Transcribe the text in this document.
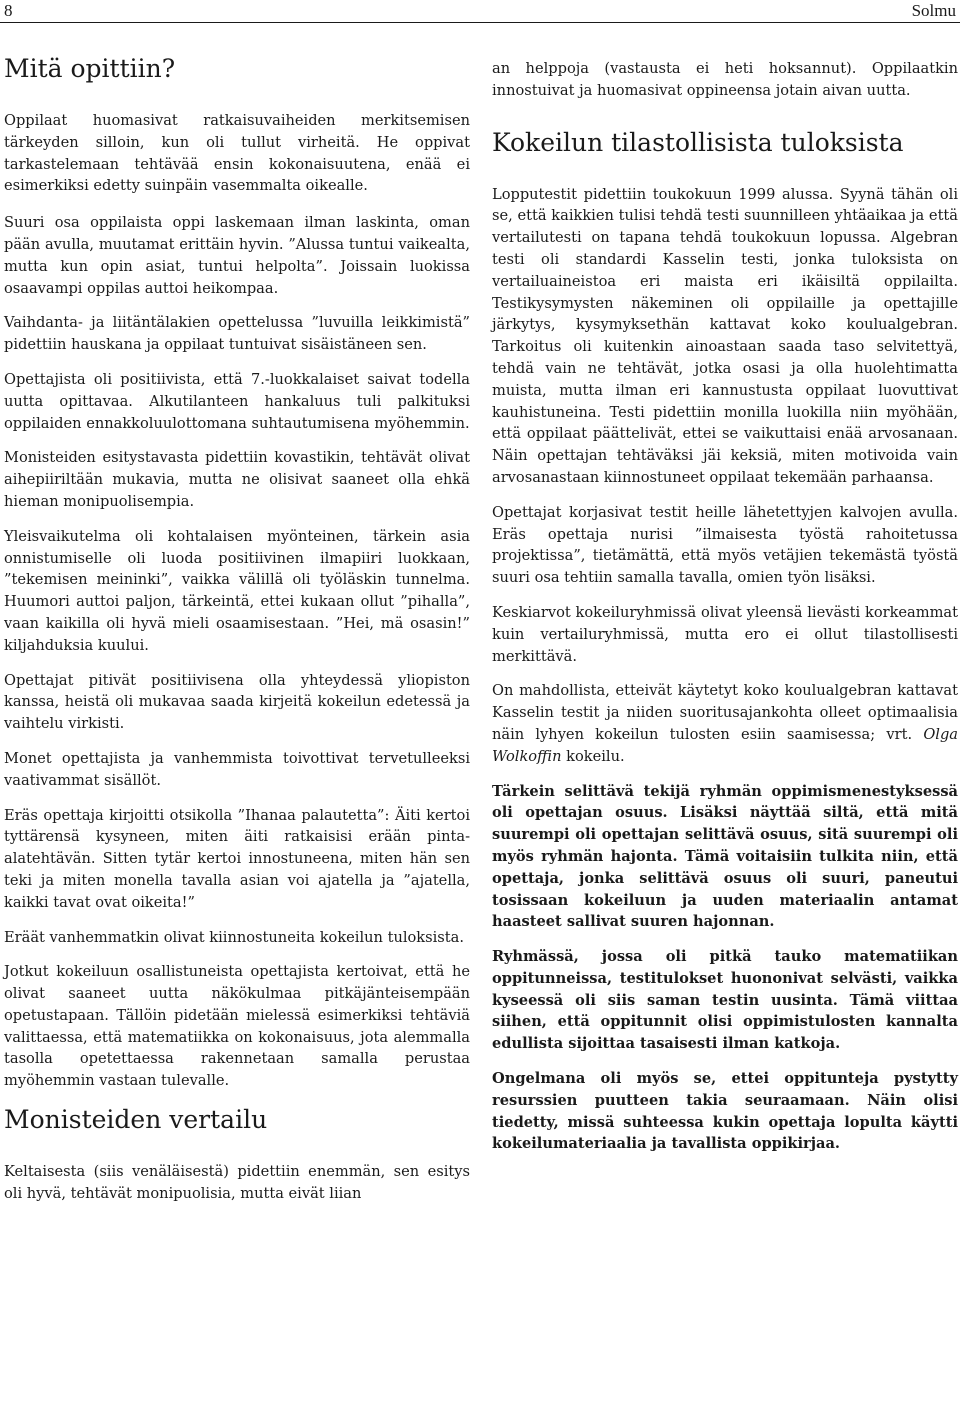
8	Solmu
Mitä opittiin?

Oppilaat huomasivat ratkaisuvaiheiden merkitsemisen tärkeyden silloin, kun oli tullut virheitä. He oppivat tarkastelemaan tehtävää ensin kokonaisuutena, enää ei esimerkiksi edetty suinpäin vasemmalta oikealle.

Suuri osa oppilaista oppi laskemaan ilman laskinta, oman pään avulla, muutamat erittäin hyvin. ”Alussa tuntui vaikealta, mutta kun opin asiat, tuntui helpolta”. Joissain luokissa osaavampi oppilas auttoi heikompaa.

Vaihdanta- ja liitäntälakien opettelussa ”luvuilla leikkimistä” pidettiin hauskana ja oppilaat tuntuivat sisäistäneen sen.

Opettajista oli positiivista, että 7.-luokkalaiset saivat todella uutta opittavaa. Alkutilanteen hankaluus tuli palkituksi oppilaiden ennakkoluulottomana suhtautumisena myöhemmin.

Monisteiden esitystavasta pidettiin kovastikin, tehtävät olivat aihepiiriltään mukavia, mutta ne olisivat saaneet olla ehkä hieman monipuolisempia.

Yleisvaikutelma oli kohtalaisen myönteinen, tärkein asia onnistumiselle oli luoda positiivinen ilmapiiri luokkaan, ”tekemisen meininki”, vaikka välillä oli työläskin tunnelma. Huumori auttoi paljon, tärkeintä, ettei kukaan ollut ”pihalla”, vaan kaikilla oli hyvä mieli osaamisestaan. ”Hei, mä osasin!” kiljahduksia kuului.

Opettajat pitivät positiivisena olla yhteydessä yliopiston kanssa, heistä oli mukavaa saada kirjeitä kokeilun edetessä ja vaihtelu virkisti.

Monet opettajista ja vanhemmista toivottivat tervetulleeksi vaativammat sisällöt.

Eräs opettaja kirjoitti otsikolla ”Ihanaa palautetta”: Äiti kertoi tyttärensä kysyneen, miten äiti ratkaisisi erään pinta-alatehtävän. Sitten tytär kertoi innostuneena, miten hän sen teki ja miten monella tavalla asian voi ajatella ja ”ajatella, kaikki tavat ovat oikeita!”

Eräät vanhemmatkin olivat kiinnostuneita kokeilun tuloksista.

Jotkut kokeiluun osallistuneista opettajista kertoivat, että he olivat saaneet uutta näkökulmaa pitkäjänteisempään opetustapaan. Tällöin pidetään mielessä esimerkiksi tehtäviä valittaessa, että matematiikka on kokonaisuus, jota alemmalla tasolla opetettaessa rakennetaan samalla perustaa myöhemmin vastaan tulevalle.

Monisteiden vertailu

Keltaisesta (siis venäläisestä) pidettiin enemmän, sen esitys oli hyvä, tehtävät monipuolisia, mutta eivät liian

an helppoja (vastausta ei heti hoksannut). Oppilaatkin innostuivat ja huomasivat oppineensa jotain aivan uutta.

Kokeilun tilastollisista tuloksista

Lopputestit pidettiin toukokuun 1999 alussa. Syynä tähän oli se, että kaikkien tulisi tehdä testi suunnilleen yhtäaikaa ja että vertailutesti on tapana tehdä toukokuun lopussa. Algebran testi oli standardi Kasselin testi, jonka tuloksista on vertailuaineistoa eri maista eri ikäisiltä oppilailta. Testikysymysten näkeminen oli oppilaille ja opettajille järkytys, kysymyksethän kattavat koko koulualgebran. Tarkoitus oli kuitenkin ainoastaan saada taso selvitettyä, tehdä vain ne tehtävät, jotka osasi ja olla huolehtimatta muista, mutta ilman eri kannustusta oppilaat luovuttivat kauhistuneina. Testi pidettiin monilla luokilla niin myöhään, että oppilaat päättelivät, ettei se vaikuttaisi enää arvosanaan. Näin opettajan tehtäväksi jäi keksiä, miten motivoida vain arvosanastaan kiinnostuneet oppilaat tekemään parhaansa.

Opettajat korjasivat testit heille lähetettyjen kalvojen avulla. Eräs opettaja nurisi ”ilmaisesta työstä rahoitetussa projektissa”, tietämättä, että myös vetäjien tekemästä työstä suuri osa tehtiin samalla tavalla, omien työn lisäksi.

Keskiarvot kokeiluryhmissä olivat yleensä lievästi korkeammat kuin vertailuryhmissä, mutta ero ei ollut tilastollisesti merkittävä.

On mahdollista, etteivät käytetyt koko koulualgebran kattavat Kasselin testit ja niiden suoritusajankohta olleet optimaalisia näin lyhyen kokeilun tulosten esiin saamisessa; vrt. Olga Wolkoffin kokeilu.

Tärkein selittävä tekijä ryhmän oppimismenestyksessä oli opettajan osuus. Lisäksi näyttää siltä, että mitä suurempi oli opettajan selittävä osuus, sitä suurempi oli myös ryhmän hajonta. Tämä voitaisiin tulkita niin, että opettaja, jonka selittävä osuus oli suuri, paneutui tosissaan kokeiluun ja uuden materiaalin antamat haasteet sallivat suuren hajonnan.

Ryhmässä, jossa oli pitkä tauko matematiikan oppitunneissa, testitulokset huononivat selvästi, vaikka kyseessä oli siis saman testin uusinta. Tämä viittaa siihen, että oppitunnit olisi oppimistulosten kannalta edullista sijoittaa tasaisesti ilman katkoja.

Ongelmana oli myös se, ettei oppitunteja pystytty resurssien puutteen takia seuraamaan. Näin olisi tiedetty, missä suhteessa kukin opettaja lopulta käytti kokeilumateriaalia ja tavallista oppikirjaa.
